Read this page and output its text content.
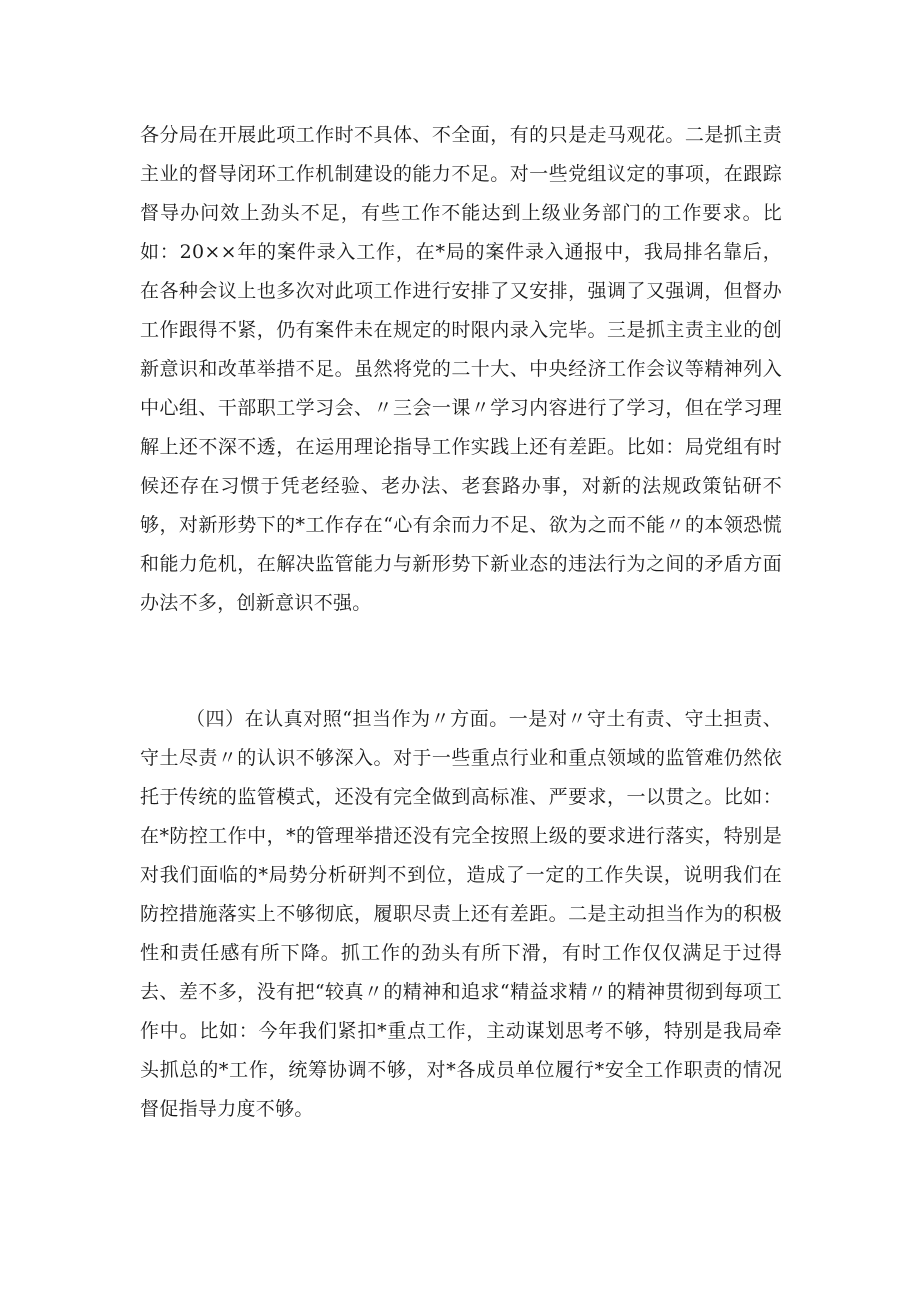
各分局在开展此项工作时不具体、不全面，有的只是走马观花。二是抓主责主业的督导闭环工作机制建设的能力不足。对一些党组议定的事项，在跟踪督导办问效上劲头不足，有些工作不能达到上级业务部门的工作要求。比如：20××年的案件录入工作，在*局的案件录入通报中，我局排名靠后，在各种会议上也多次对此项工作进行安排了又安排，强调了又强调，但督办工作跟得不紧，仍有案件未在规定的时限内录入完毕。三是抓主责主业的创新意识和改革举措不足。虽然将党的二十大、中央经济工作会议等精神列入中心组、干部职工学习会、〃三会一课〃学习内容进行了学习，但在学习理解上还不深不透，在运用理论指导工作实践上还有差距。比如：局党组有时候还存在习惯于凭老经验、老办法、老套路办事，对新的法规政策钻研不够，对新形势下的*工作存在“心有余而力不足、欲为之而不能〃的本领恐慌和能力危机，在解决监管能力与新形势下新业态的违法行为之间的矛盾方面办法不多，创新意识不强。

（四）在认真对照“担当作为〃方面。一是对〃守土有责、守土担责、守土尽责〃的认识不够深入。对于一些重点行业和重点领域的监管难仍然依托于传统的监管模式，还没有完全做到高标准、严要求，一以贯之。比如：在*防控工作中，*的管理举措还没有完全按照上级的要求进行落实，特别是对我们面临的*局势分析研判不到位，造成了一定的工作失误，说明我们在防控措施落实上不够彻底，履职尽责上还有差距。二是主动担当作为的积极性和责任感有所下降。抓工作的劲头有所下滑，有时工作仅仅满足于过得去、差不多，没有把“较真〃的精神和追求“精益求精〃的精神贯彻到每项工作中。比如：今年我们紧扣*重点工作，主动谋划思考不够，特别是我局牵头抓总的*工作，统筹协调不够，对*各成员单位履行*安全工作职责的情况督促指导力度不够。
